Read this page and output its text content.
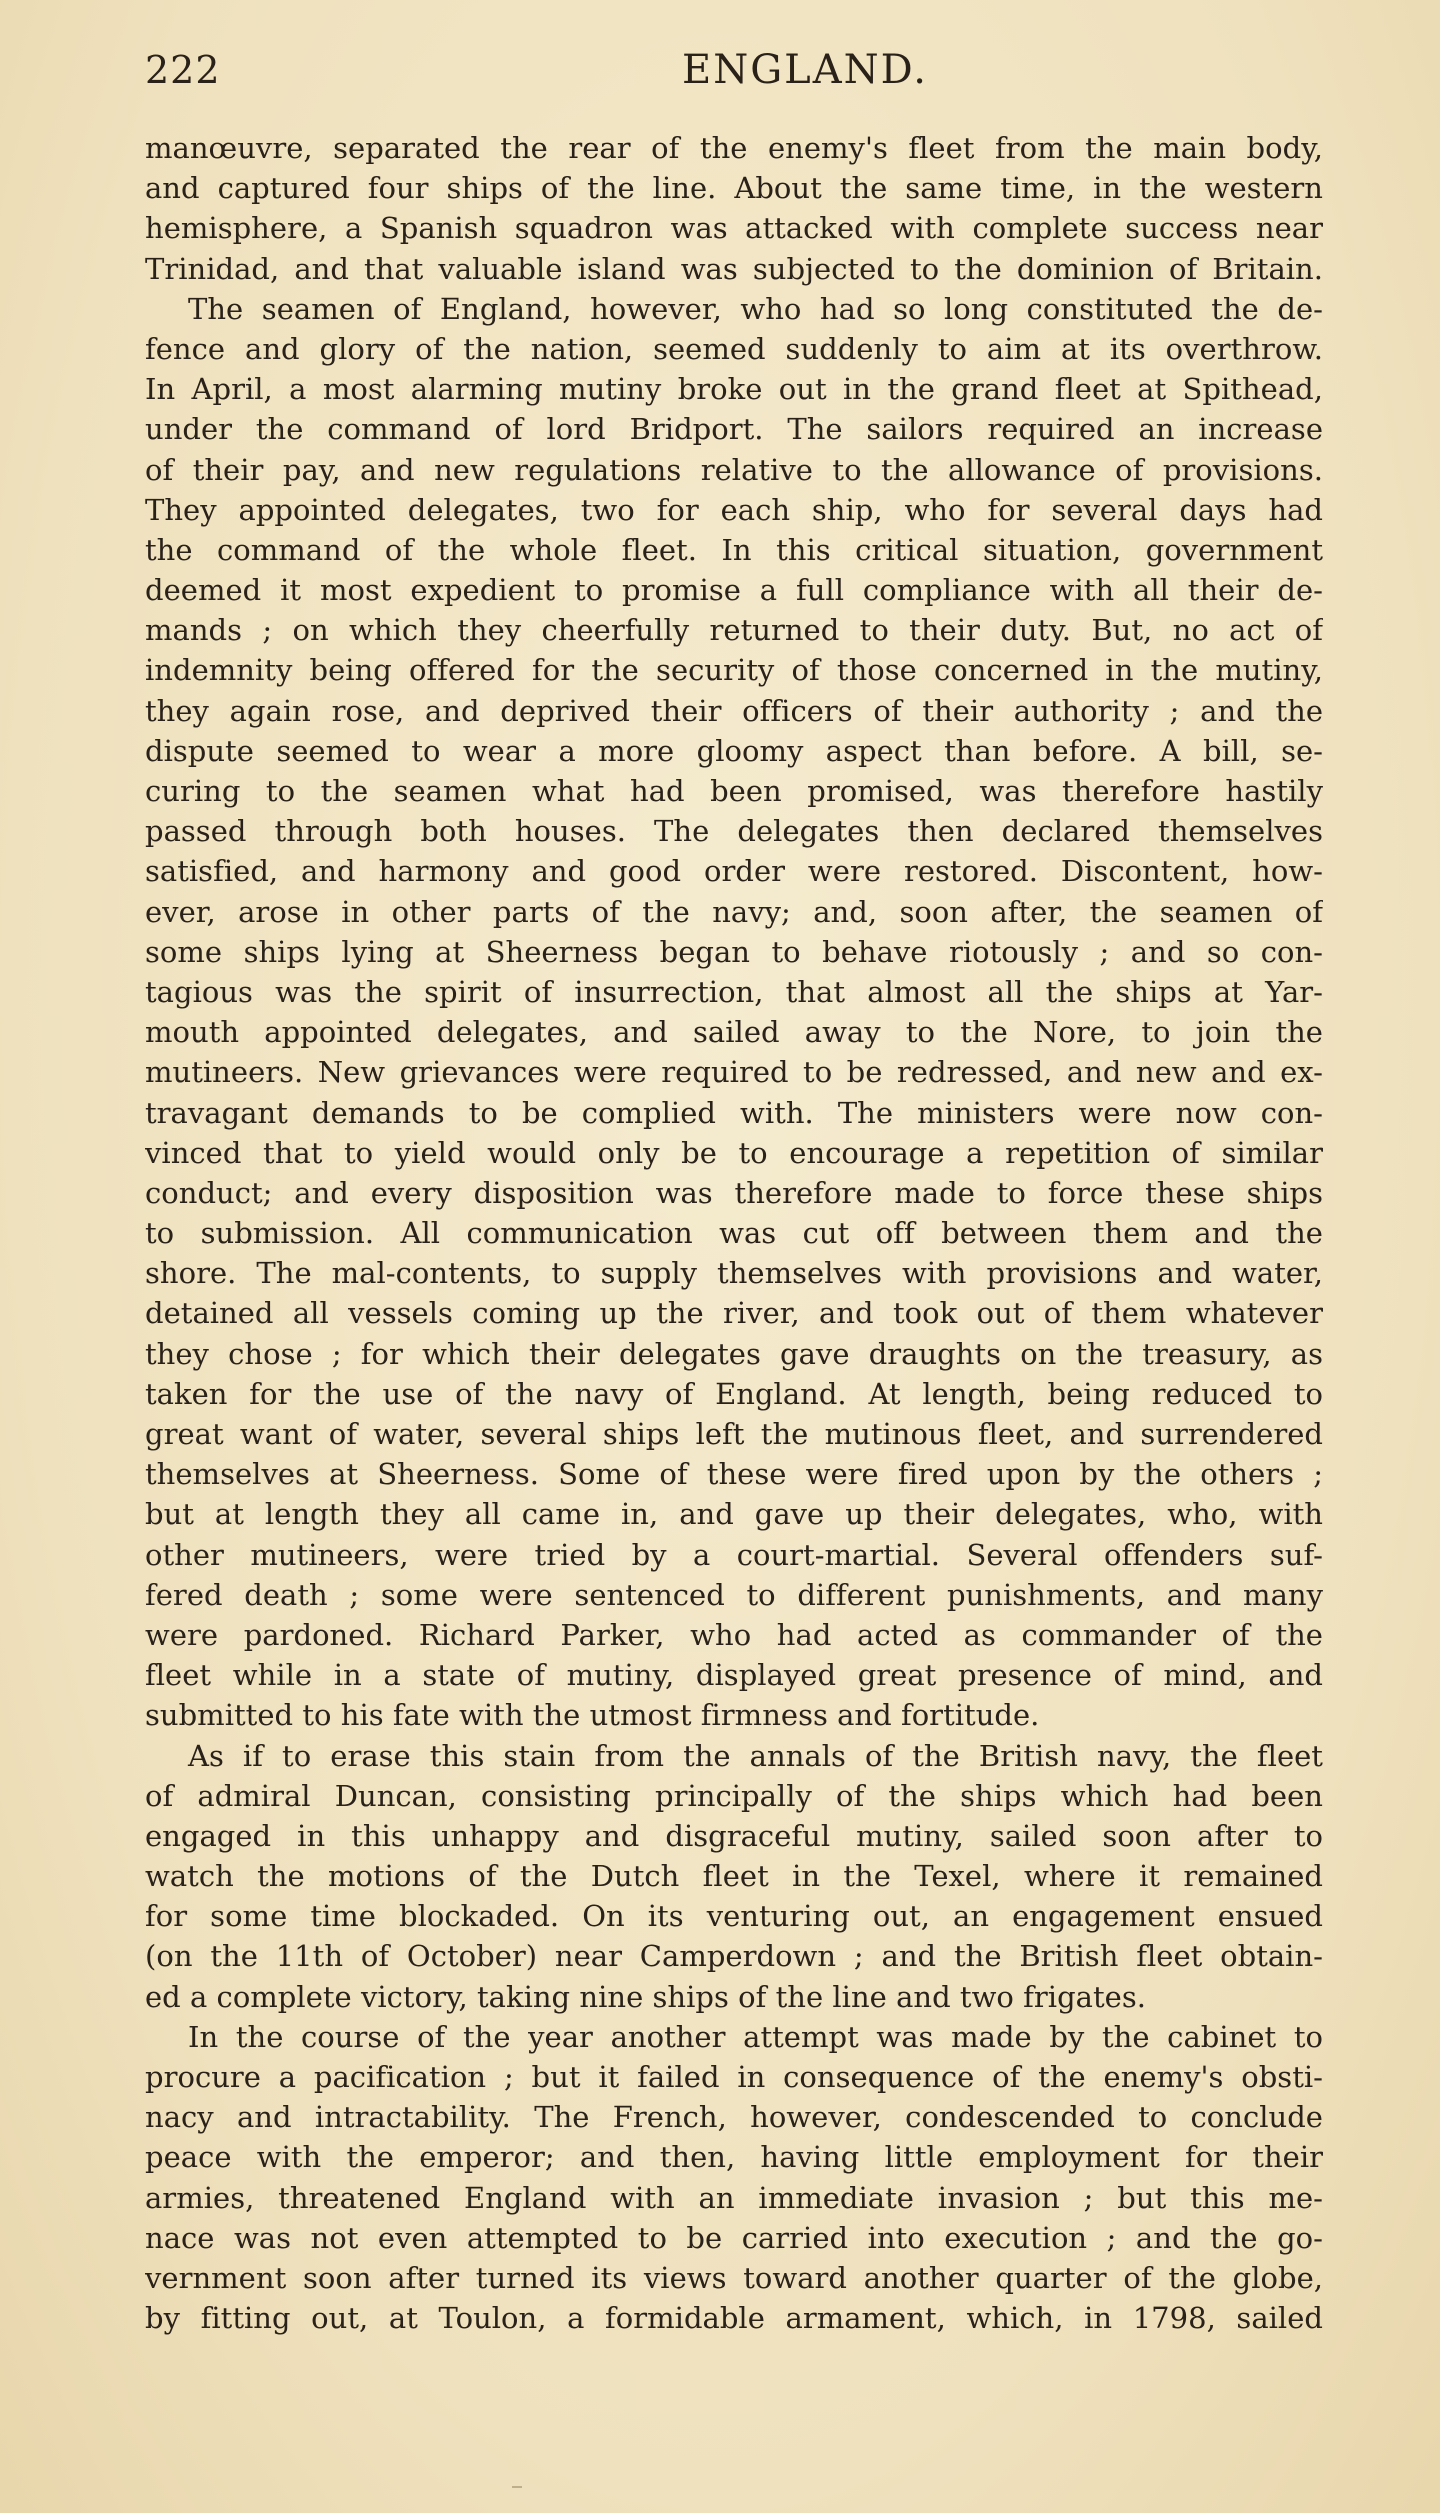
222	ENGLAND.
manœuvre, separated the rear of the enemy's fleet from the main body,
and captured four ships of the line. About the same time, in the western
hemisphere, a Spanish squadron was attacked with complete success near
Trinidad, and that valuable island was subjected to the dominion of Britain.
The seamen of England, however, who had so long constituted the de-
fence and glory of the nation, seemed suddenly to aim at its overthrow.
In April, a most alarming mutiny broke out in the grand fleet at Spithead,
under the command of lord Bridport. The sailors required an increase
of their pay, and new regulations relative to the allowance of provisions.
They appointed delegates, two for each ship, who for several days had
the command of the whole fleet. In this critical situation, government
deemed it most expedient to promise a full compliance with all their de-
mands ; on which they cheerfully returned to their duty. But, no act of
indemnity being offered for the security of those concerned in the mutiny,
they again rose, and deprived their officers of their authority ; and the
dispute seemed to wear a more gloomy aspect than before. A bill, se-
curing to the seamen what had been promised, was therefore hastily
passed through both houses. The delegates then declared themselves
satisfied, and harmony and good order were restored. Discontent, how-
ever, arose in other parts of the navy; and, soon after, the seamen of
some ships lying at Sheerness began to behave riotously ; and so con-
tagious was the spirit of insurrection, that almost all the ships at Yar-
mouth appointed delegates, and sailed away to the Nore, to join the
mutineers. New grievances were required to be redressed, and new and ex-
travagant demands to be complied with. The ministers were now con-
vinced that to yield would only be to encourage a repetition of similar
conduct; and every disposition was therefore made to force these ships
to submission. All communication was cut off between them and the
shore. The mal-contents, to supply themselves with provisions and water,
detained all vessels coming up the river, and took out of them whatever
they chose ; for which their delegates gave draughts on the treasury, as
taken for the use of the navy of England. At length, being reduced to
great want of water, several ships left the mutinous fleet, and surrendered
themselves at Sheerness. Some of these were fired upon by the others ;
but at length they all came in, and gave up their delegates, who, with
other mutineers, were tried by a court-martial. Several offenders suf-
fered death ; some were sentenced to different punishments, and many
were pardoned. Richard Parker, who had acted as commander of the
fleet while in a state of mutiny, displayed great presence of mind, and
submitted to his fate with the utmost firmness and fortitude.
As if to erase this stain from the annals of the British navy, the fleet
of admiral Duncan, consisting principally of the ships which had been
engaged in this unhappy and disgraceful mutiny, sailed soon after to
watch the motions of the Dutch fleet in the Texel, where it remained
for some time blockaded. On its venturing out, an engagement ensued
(on the 11th of October) near Camperdown ; and the British fleet obtain-
ed a complete victory, taking nine ships of the line and two frigates.
In the course of the year another attempt was made by the cabinet to
procure a pacification ; but it failed in consequence of the enemy's obsti-
nacy and intractability. The French, however, condescended to conclude
peace with the emperor; and then, having little employment for their
armies, threatened England with an immediate invasion ; but this me-
nace was not even attempted to be carried into execution ; and the go-
vernment soon after turned its views toward another quarter of the globe,
by fitting out, at Toulon, a formidable armament, which, in 1798, sailed
